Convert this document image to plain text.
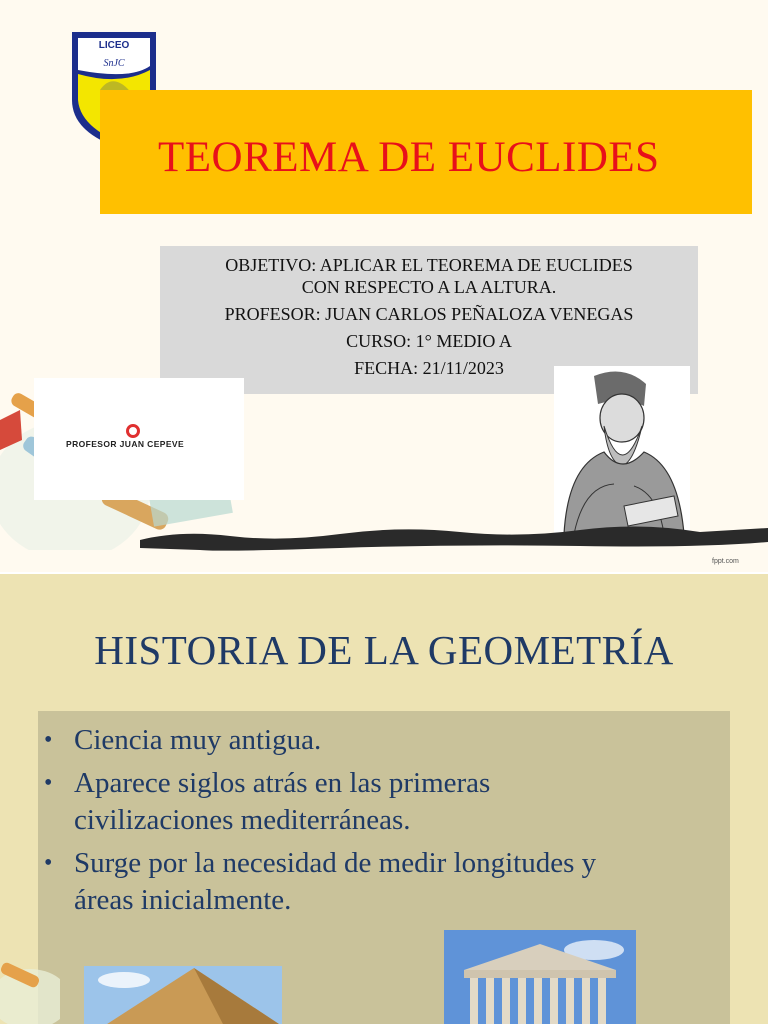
LICEO
SnJC
TEOREMA DE EUCLIDES
OBJETIVO: APLICAR EL TEOREMA DE EUCLIDES
CON RESPECTO A LA ALTURA.
PROFESOR: JUAN CARLOS PEÑALOZA VENEGAS
CURSO: 1° MEDIO A
FECHA: 21/11/2023
PROFESOR JUAN CEPEVE
fppt.com
HISTORIA DE LA GEOMETRÍA
• Ciencia muy antigua.
• Aparece siglos atrás en las primeras
civilizaciones mediterráneas.
• Surge por la necesidad de medir longitudes y
áreas inicialmente.
